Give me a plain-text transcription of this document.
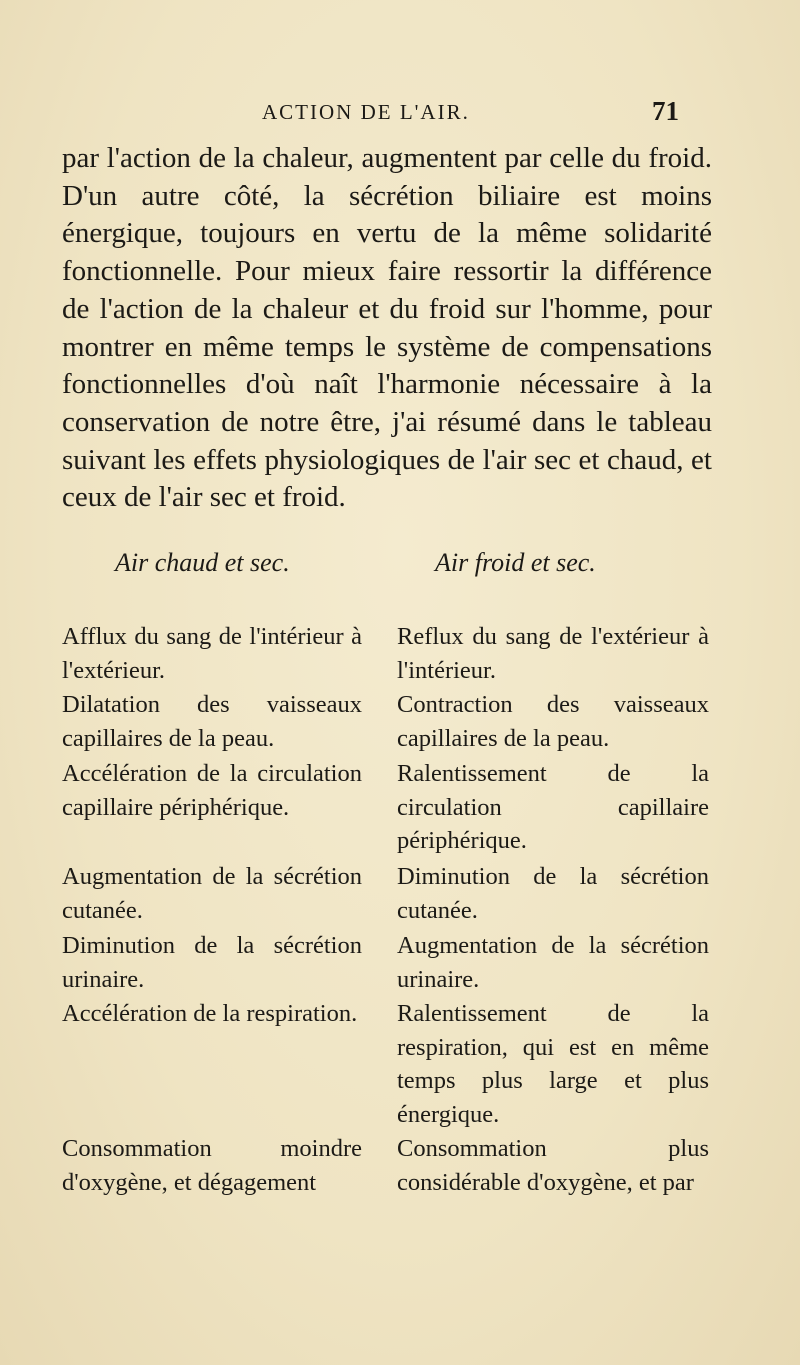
ACTION DE L'AIR.	71

par l'action de la chaleur, augmentent par celle du froid. D'un autre côté, la sécrétion biliaire est moins énergique, toujours en vertu de la même solidarité fonctionnelle. Pour mieux faire ressortir la différence de l'action de la chaleur et du froid sur l'homme, pour montrer en même temps le système de compensations fonctionnelles d'où naît l'harmonie nécessaire à la conservation de notre être, j'ai résumé dans le tableau suivant les effets physiologiques de l'air sec et chaud, et ceux de l'air sec et froid.

Air chaud et sec.	Air froid et sec.

Afflux du sang de l'intérieur à l'extérieur.

Dilatation des vaisseaux capillaires de la peau.

Accélération de la circulation capillaire périphérique.

Augmentation de la sécrétion cutanée.

Diminution de la sécrétion urinaire.

Accélération de la respiration.

Consommation moindre d'oxygène, et dégagement

Reflux du sang de l'extérieur à l'intérieur.

Contraction des vaisseaux capillaires de la peau.

Ralentissement de la circulation capillaire périphérique.

Diminution de la sécrétion cutanée.

Augmentation de la sécrétion urinaire.

Ralentissement de la respiration, qui est en même temps plus large et plus énergique.

Consommation plus considérable d'oxygène, et par
